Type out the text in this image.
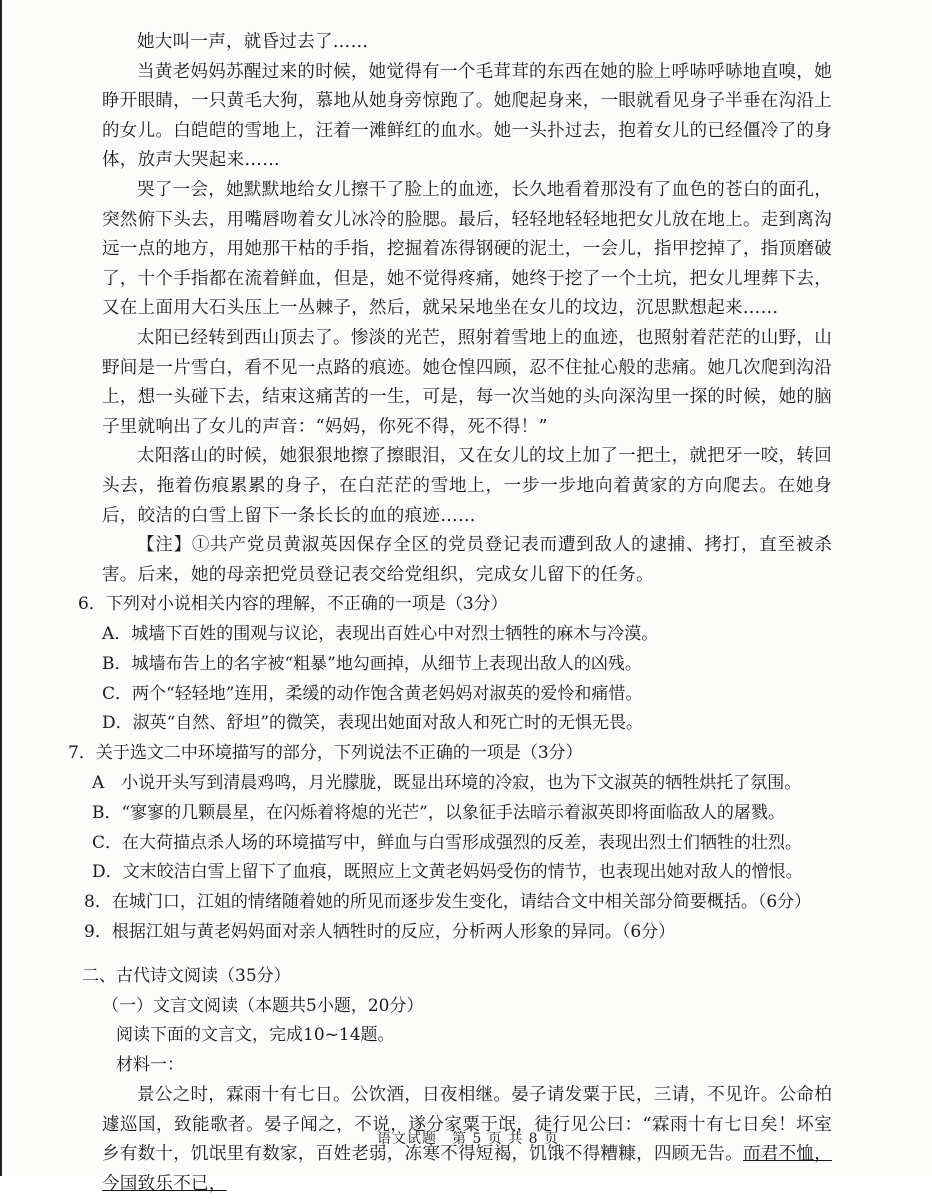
她大叫一声，就昏过去了……

当黄老妈妈苏醒过来的时候，她觉得有一个毛茸茸的东西在她的脸上呼哧呼哧地直嗅，她睁开眼睛，一只黄毛大狗，慕地从她身旁惊跑了。她爬起身来，一眼就看见身子半垂在沟沿上的女儿。白皑皑的雪地上，汪着一滩鲜红的血水。她一头扑过去，抱着女儿的已经僵冷了的身体，放声大哭起来……

哭了一会，她默默地给女儿擦干了脸上的血迹，长久地看着那没有了血色的苍白的面孔，突然俯下头去，用嘴唇吻着女儿冰冷的脸腮。最后，轻轻地轻轻地把女儿放在地上。走到离沟远一点的地方，用她那干枯的手指，挖掘着冻得钢硬的泥土，一会儿，指甲挖掉了，指顶磨破了，十个手指都在流着鲜血，但是，她不觉得疼痛，她终于挖了一个土坑，把女儿埋葬下去，又在上面用大石头压上一丛棘子，然后，就呆呆地坐在女儿的坟边，沉思默想起来……

太阳已经转到西山顶去了。惨淡的光芒，照射着雪地上的血迹，也照射着茫茫的山野，山野间是一片雪白，看不见一点路的痕迹。她仓惶四顾，忍不住扯心般的悲痛。她几次爬到沟沿上，想一头碰下去，结束这痛苦的一生，可是，每一次当她的头向深沟里一探的时候，她的脑子里就响出了女儿的声音：“妈妈，你死不得，死不得！”

太阳落山的时候，她狠狠地擦了擦眼泪，又在女儿的坟上加了一把土，就把牙一咬，转回头去，拖着伤痕累累的身子，在白茫茫的雪地上，一步一步地向着黄家的方向爬去。在她身后，皎洁的白雪上留下一条长长的血的痕迹……

【注】①共产党员黄淑英因保存全区的党员登记表而遭到敌人的逮捕、拷打，直至被杀害。后来，她的母亲把党员登记表交给党组织，完成女儿留下的任务。

6．下列对小说相关内容的理解，不正确的一项是（3分）

A．城墙下百姓的围观与议论，表现出百姓心中对烈士牺牲的麻木与冷漠。

B．城墙布告上的名字被“粗暴”地勾画掉，从细节上表现出敌人的凶残。

C．两个“轻轻地”连用，柔缓的动作饱含黄老妈妈对淑英的爱怜和痛惜。

D．淑英“自然、舒坦”的微笑，表现出她面对敌人和死亡时的无惧无畏。

7．关于选文二中环境描写的部分，下列说法不正确的一项是（3分）

A　小说开头写到清晨鸡鸣，月光朦胧，既显出环境的冷寂，也为下文淑英的牺牲烘托了氛围。

B．“寥寥的几颗晨星，在闪烁着将熄的光芒”，以象征手法暗示着淑英即将面临敌人的屠戮。

C．在大荷描点杀人场的环境描写中，鲜血与白雪形成强烈的反差，表现出烈士们牺牲的壮烈。

D．文末皎洁白雪上留下了血痕，既照应上文黄老妈妈受伤的情节，也表现出她对敌人的憎恨。

8．在城门口，江姐的情绪随着她的所见而逐步发生变化，请结合文中相关部分简要概括。（6分）

9．根据江姐与黄老妈妈面对亲人牺牲时的反应，分析两人形象的异同。（6分）

二、古代诗文阅读（35分）

（一）文言文阅读（本题共5小题，20分）

阅读下面的文言文，完成10~14题。

材料一：

景公之时，霖雨十有七日。公饮酒，日夜相继。晏子请发粟于民，三请，不见许。公命柏遽巡国，致能歌者。晏子闻之，不说，遂分家粟于氓，徒行见公曰：“霖雨十有七日矣！坏室乡有数十，饥氓里有数家，百姓老弱，冻寒不得短褐，饥饿不得糟糠，四顾无告。而君不恤，今国致乐不已，

语文试题　第 5 页 共 8 页
